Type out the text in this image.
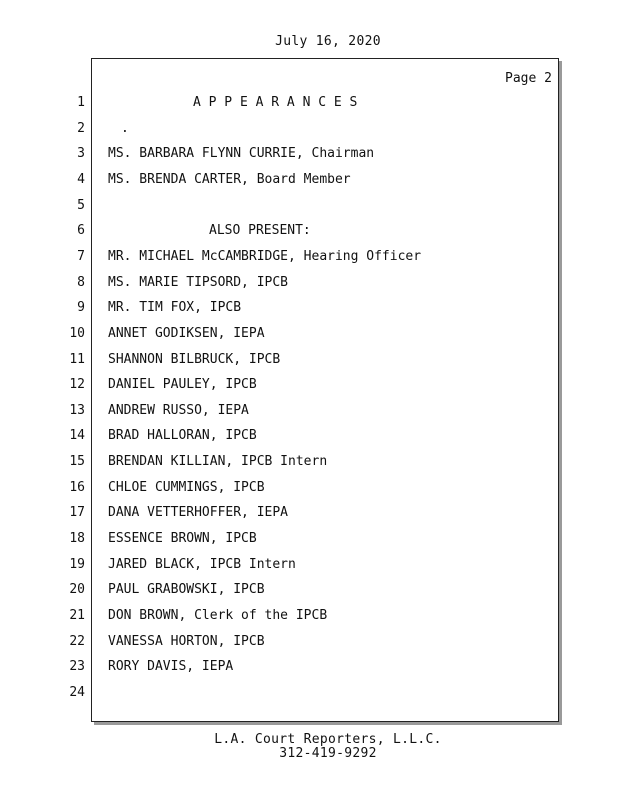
July 16, 2020
Page 2
1	A P P E A R A N C E S
2	.
3 MS. BARBARA FLYNN CURRIE, Chairman
4 MS. BRENDA CARTER, Board Member
5
6	ALSO PRESENT:
7 MR. MICHAEL McCAMBRIDGE, Hearing Officer
8 MS. MARIE TIPSORD, IPCB
9 MR. TIM FOX, IPCB
10 ANNET GODIKSEN, IEPA
11 SHANNON BILBRUCK, IPCB
12 DANIEL PAULEY, IPCB
13 ANDREW RUSSO, IEPA
14 BRAD HALLORAN, IPCB
15 BRENDAN KILLIAN, IPCB Intern
16 CHLOE CUMMINGS, IPCB
17 DANA VETTERHOFFER, IEPA
18 ESSENCE BROWN, IPCB
19 JARED BLACK, IPCB Intern
20 PAUL GRABOWSKI, IPCB
21 DON BROWN, Clerk of the IPCB
22 VANESSA HORTON, IPCB
23 RORY DAVIS, IEPA
24
L.A. Court Reporters, L.L.C.
312-419-9292
